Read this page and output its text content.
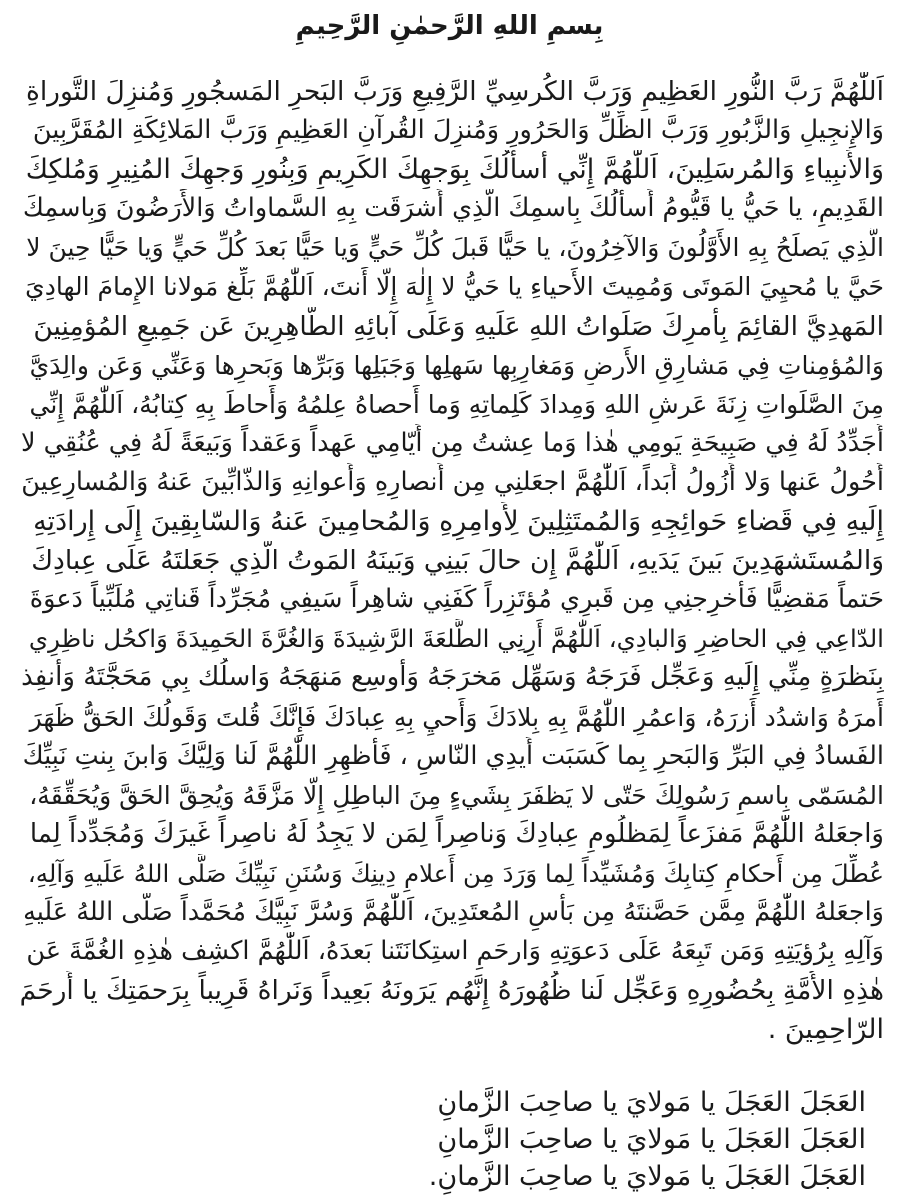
بِسمِ اللهِ الرَّحمٰنِ الرَّحِيمِ
اَللّٰهُمَّ رَبَّ النُّورِ العَظِيمِ وَرَبَّ الكُرسِيِّ الرَّفِيعِ وَرَبَّ البَحرِ المَسجُورِ وَمُنزِلَ التَّوراةِ
وَالإِنجِيلِ وَالزَّبُورِ وَرَبَّ الظِّلِّ وَالحَرُورِ وَمُنزِلَ القُرآنِ العَظِيمِ وَرَبَّ المَلائِكَةِ المُقَرَّبِينَ
وَالأَنبِياءِ وَالمُرسَلِينَ، اَللّٰهُمَّ إِنِّي أَسأَلُكَ بِوَجهِكَ الكَرِيمِ وَبِنُورِ وَجهِكَ المُنِيرِ وَمُلكِكَ
القَدِيمِ، يا حَيُّ يا قَيُّومُ أَسأَلُكَ بِاسمِكَ الَّذِي أَشرَقَت بِهِ السَّماواتُ وَالأَرَضُونَ وَبِاسمِكَ
الَّذِي يَصلَحُ بِهِ الأَوَّلُونَ وَالآخِرُونَ، يا حَيًّا قَبلَ كُلِّ حَيٍّ وَيا حَيًّا بَعدَ كُلِّ حَيٍّ وَيا حَيًّا حِينَ لا
حَيَّ يا مُحيِيَ المَوتَى وَمُمِيتَ الأَحياءِ يا حَيُّ لا إِلٰهَ إِلّا أَنتَ، اَللّٰهُمَّ بَلِّغ مَولانا الإِمامَ الهادِيَ
المَهدِيَّ القائِمَ بِأَمرِكَ صَلَواتُ اللهِ عَلَيهِ وَعَلَى آبائِهِ الطّاهِرِينَ عَن جَمِيعِ المُؤمِنِينَ
وَالمُؤمِناتِ فِي مَشارِقِ الأَرضِ وَمَغارِبِها سَهلِها وَجَبَلِها وَبَرِّها وَبَحرِها وَعَنِّي وَعَن والِدَيَّ
مِنَ الصَّلَواتِ زِنَةَ عَرشِ اللهِ وَمِدادَ كَلِماتِهِ وَما أَحصاهُ عِلمُهُ وَأَحاطَ بِهِ كِتابُهُ، اَللّٰهُمَّ إِنِّي
أُجَدِّدُ لَهُ فِي صَبِيحَةِ يَومِي هٰذا وَما عِشتُ مِن أَيّامِي عَهداً وَعَقداً وَبَيعَةً لَهُ فِي عُنُقِي لا
أَحُولُ عَنها وَلا أَزُولُ أَبَداً، اَللّٰهُمَّ اجعَلنِي مِن أَنصارِهِ وَأَعوانِهِ وَالذّابِّينَ عَنهُ وَالمُسارِعِينَ
إِلَيهِ فِي قَضاءِ حَوائِجِهِ وَالمُمتَثِلِينَ لِأَوامِرِهِ وَالمُحامِينَ عَنهُ وَالسّابِقِينَ إِلَى إِرادَتِهِ
وَالمُستَشهَدِينَ بَينَ يَدَيهِ، اَللّٰهُمَّ إِن حالَ بَينِي وَبَينَهُ المَوتُ الَّذِي جَعَلتَهُ عَلَى عِبادِكَ
حَتماً مَقضِيًّا فَأَخرِجنِي مِن قَبرِي مُؤتَزِراً كَفَنِي شاهِراً سَيفِي مُجَرِّداً قَناتِي مُلَبِّياً دَعوَةَ
الدّاعِي فِي الحاضِرِ وَالبادِي، اَللّٰهُمَّ أَرِنِي الطَّلعَةَ الرَّشِيدَةَ وَالغُرَّةَ الحَمِيدَةَ وَاكحُل ناظِرِي
بِنَظرَةٍ مِنِّي إِلَيهِ وَعَجِّل فَرَجَهُ وَسَهِّل مَخرَجَهُ وَأَوسِع مَنهَجَهُ وَاسلُك بِي مَحَجَّتَهُ وَأَنفِذ
أَمرَهُ وَاشدُد أَزرَهُ، وَاعمُرِ اللّٰهُمَّ بِهِ بِلادَكَ وَأَحيِ بِهِ عِبادَكَ فَإِنَّكَ قُلتَ وَقَولُكَ الحَقُّ ظَهَرَ
الفَسادُ فِي البَرِّ وَالبَحرِ بِما كَسَبَت أَيدِي النّاسِ ، فَأَظهِرِ اللّٰهُمَّ لَنا وَلِيَّكَ وَابنَ بِنتِ نَبِيِّكَ
المُسَمّى بِاسمِ رَسُولِكَ حَتّى لا يَظفَرَ بِشَيءٍ مِنَ الباطِلِ إِلّا مَزَّقَهُ وَيُحِقَّ الحَقَّ وَيُحَقِّقَهُ،
وَاجعَلهُ اللّٰهُمَّ مَفزَعاً لِمَظلُومِ عِبادِكَ وَناصِراً لِمَن لا يَجِدُ لَهُ ناصِراً غَيرَكَ وَمُجَدِّداً لِما
عُطِّلَ مِن أَحكامِ كِتابِكَ وَمُشَيِّداً لِما وَرَدَ مِن أَعلامِ دِينِكَ وَسُنَنِ نَبِيِّكَ صَلَّى اللهُ عَلَيهِ وَآلِهِ،
وَاجعَلهُ اللّٰهُمَّ مِمَّن حَصَّنتَهُ مِن بَأسِ المُعتَدِينَ، اَللّٰهُمَّ وَسُرَّ نَبِيَّكَ مُحَمَّداً صَلَّى اللهُ عَلَيهِ
وَآلِهِ بِرُؤيَتِهِ وَمَن تَبِعَهُ عَلَى دَعوَتِهِ وَارحَمِ استِكانَتَنا بَعدَهُ، اَللّٰهُمَّ اكشِف هٰذِهِ الغُمَّةَ عَن
هٰذِهِ الأُمَّةِ بِحُضُورِهِ وَعَجِّل لَنا ظُهُورَهُ إِنَّهُم يَرَونَهُ بَعِيداً وَنَراهُ قَرِيباً بِرَحمَتِكَ يا أَرحَمَ
الرّاحِمِينَ .
العَجَلَ العَجَلَ يا مَولايَ يا صاحِبَ الزَّمانِ
العَجَلَ العَجَلَ يا مَولايَ يا صاحِبَ الزَّمانِ
العَجَلَ العَجَلَ يا مَولايَ يا صاحِبَ الزَّمانِ.
